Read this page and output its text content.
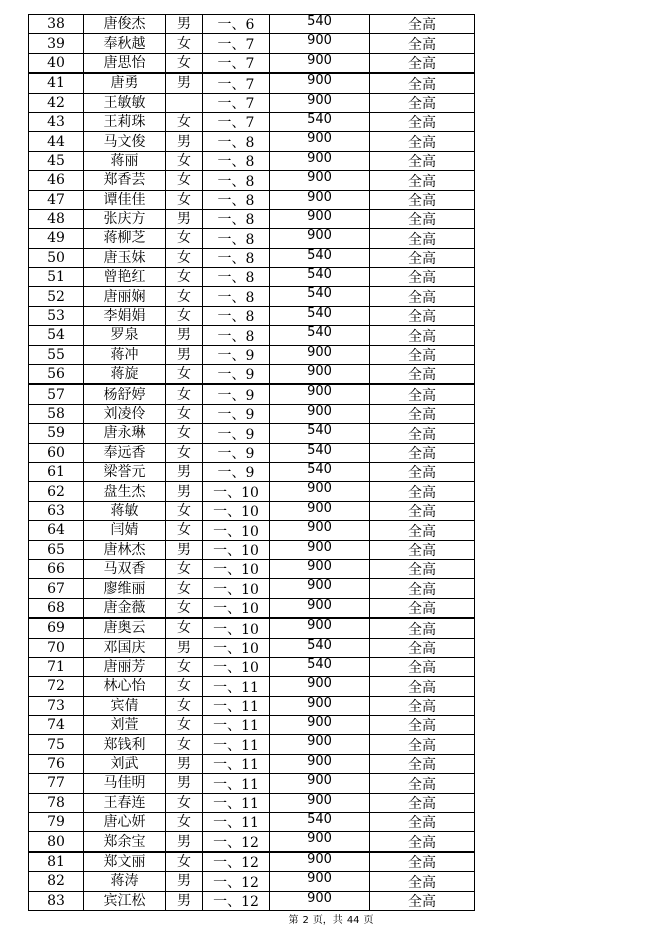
38	唐俊杰	男	一、6	540	全高
39	奉秋越	女	一、7	900	全高
40	唐思怡	女	一、7	900	全高
41	唐勇	男	一、7	900	全高
42	王敏敏		一、7	900	全高
43	王莉珠	女	一、7	540	全高
44	马文俊	男	一、8	900	全高
45	蒋丽	女	一、8	900	全高
46	郑香芸	女	一、8	900	全高
47	谭佳佳	女	一、8	900	全高
48	张庆方	男	一、8	900	全高
49	蒋柳芝	女	一、8	900	全高
50	唐玉妹	女	一、8	540	全高
51	曾艳红	女	一、8	540	全高
52	唐丽娴	女	一、8	540	全高
53	李娟娟	女	一、8	540	全高
54	罗泉	男	一、8	540	全高
55	蒋冲	男	一、9	900	全高
56	蒋旋	女	一、9	900	全高
57	杨舒婷	女	一、9	900	全高
58	刘凌伶	女	一、9	900	全高
59	唐永琳	女	一、9	540	全高
60	奉远香	女	一、9	540	全高
61	梁誉元	男	一、9	540	全高
62	盘生杰	男	一、10	900	全高
63	蒋敏	女	一、10	900	全高
64	闫婧	女	一、10	900	全高
65	唐林杰	男	一、10	900	全高
66	马双香	女	一、10	900	全高
67	廖维丽	女	一、10	900	全高
68	唐金薇	女	一、10	900	全高
69	唐奥云	女	一、10	900	全高
70	邓国庆	男	一、10	540	全高
71	唐丽芳	女	一、10	540	全高
72	林心怡	女	一、11	900	全高
73	宾倩	女	一、11	900	全高
74	刘萱	女	一、11	900	全高
75	郑钱利	女	一、11	900	全高
76	刘武	男	一、11	900	全高
77	马佳明	男	一、11	900	全高
78	王春连	女	一、11	900	全高
79	唐心妍	女	一、11	540	全高
80	郑余宝	男	一、12	900	全高
81	郑文丽	女	一、12	900	全高
82	蒋涛	男	一、12	900	全高
83	宾江松	男	一、12	900	全高
第 2 页，共 44 页
